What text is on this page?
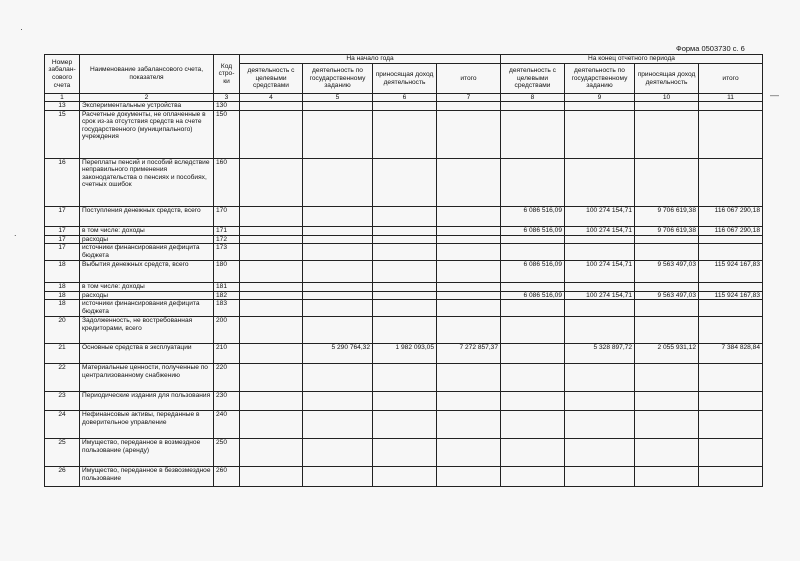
·
—
.
Форма 0503730 с. 6
Номер забалан-сового счета	Наименование забалансового счета, показателя	Код стро-ки	На начало года				На конец отчетного периода			
			деятельность с целевыми средствами	деятельность по государственному заданию	приносящая доход деятельность	итого	деятельность с целевыми средствами	деятельность по государственному заданию	приносящая доход деятельность	итого
1	2	3	4	5	6	7	8	9	10	11
13	Экспериментальные устройства	130								
15	Расчетные документы, не оплаченные в срок из-за отсутствия средств на счете государственного (муниципального) учреждения	150								
16	Переплаты пенсий и пособий вследствие неправильного применения законодательства о пенсиях и пособиях, счетных ошибок	160								
17	Поступления денежных средств, всего	170					6 086 516,09	100 274 154,71	9 706 619,38	116 067 290,18
17	в том числе: доходы	171					6 086 516,09	100 274 154,71	9 706 619,38	116 067 290,18
17	расходы	172								
17	источники финансирования дефицита бюджета	173								
18	Выбытия денежных средств, всего	180					6 086 516,09	100 274 154,71	9 563 497,03	115 924 167,83
18	в том числе: доходы	181								
18	расходы	182					6 086 516,09	100 274 154,71	9 563 497,03	115 924 167,83
18	источники финансирования дефицита бюджета	183								
20	Задолженность, не востребованная кредиторами, всего	200								
21	Основные средства в эксплуатации	210		5 290 764,32	1 982 093,05	7 272 857,37		5 328 897,72	2 055 931,12	7 384 828,84
22	Материальные ценности, полученные по централизованному снабжению	220								
23	Периодические издания для пользования	230								
24	Нефинансовые активы, переданные в доверительное управление	240								
25	Имущество, переданное в возмездное пользование (аренду)	250								
26	Имущество, переданное в безвозмездное пользование	260								
